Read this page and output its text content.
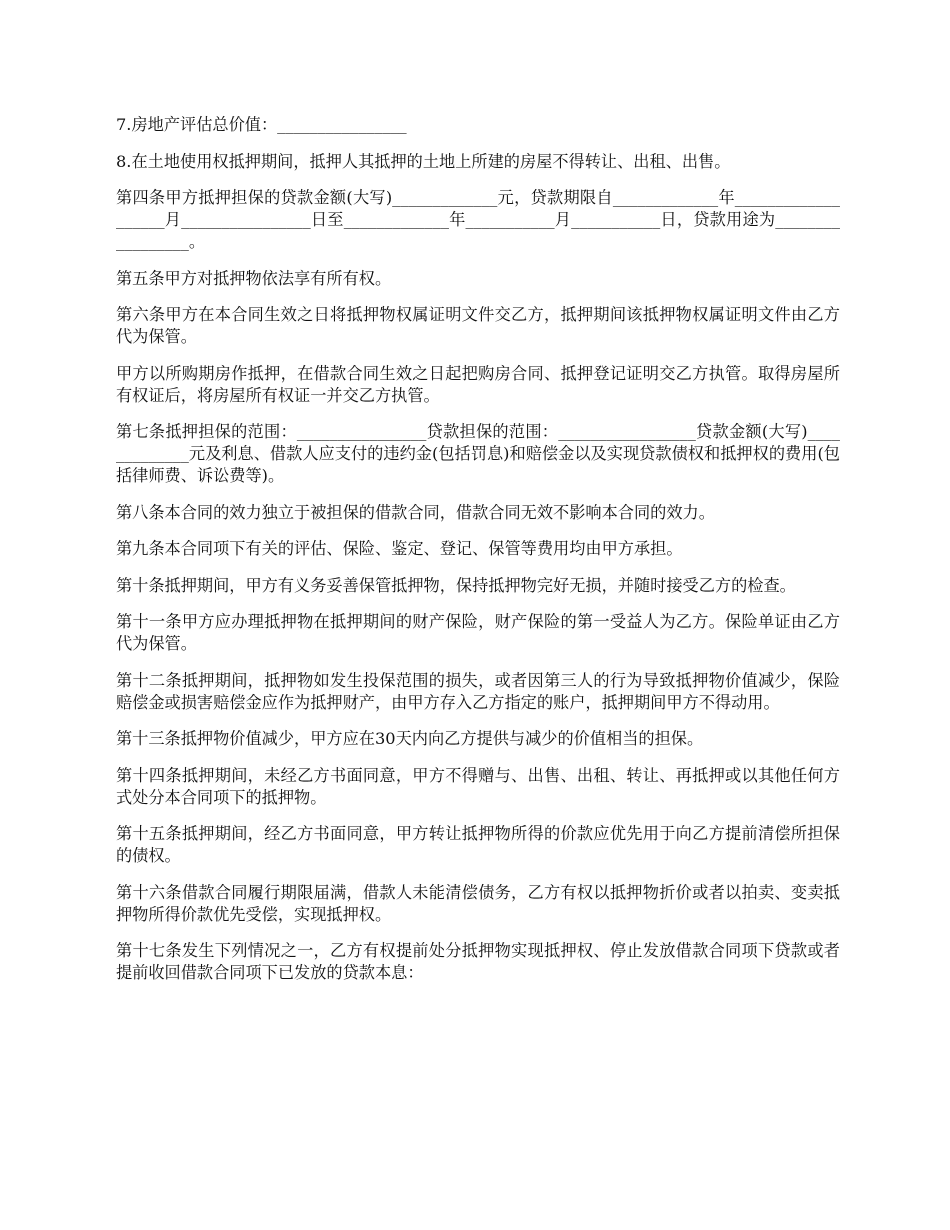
7.房地产评估总价值：________________

8.在土地使用权抵押期间，抵押人其抵押的土地上所建的房屋不得转让、出租、出售。

第四条甲方抵押担保的贷款金额(大写)_____________元，贷款期限自_____________年___________________月________________日至_____________年___________月___________日，贷款用途为_________________。

第五条甲方对抵押物依法享有所有权。

第六条甲方在本合同生效之日将抵押物权属证明文件交乙方，抵押期间该抵押物权属证明文件由乙方代为保管。

甲方以所购期房作抵押，在借款合同生效之日起把购房合同、抵押登记证明交乙方执管。取得房屋所有权证后，将房屋所有权证一并交乙方执管。

第七条抵押担保的范围：________________贷款担保的范围：_________________贷款金额(大写)_____________元及利息、借款人应支付的违约金(包括罚息)和赔偿金以及实现贷款债权和抵押权的费用(包括律师费、诉讼费等)。

第八条本合同的效力独立于被担保的借款合同，借款合同无效不影响本合同的效力。

第九条本合同项下有关的评估、保险、鉴定、登记、保管等费用均由甲方承担。

第十条抵押期间，甲方有义务妥善保管抵押物，保持抵押物完好无损，并随时接受乙方的检查。

第十一条甲方应办理抵押物在抵押期间的财产保险，财产保险的第一受益人为乙方。保险单证由乙方代为保管。

第十二条抵押期间，抵押物如发生投保范围的损失，或者因第三人的行为导致抵押物价值减少，保险赔偿金或损害赔偿金应作为抵押财产，由甲方存入乙方指定的账户，抵押期间甲方不得动用。

第十三条抵押物价值减少，甲方应在30天内向乙方提供与减少的价值相当的担保。

第十四条抵押期间，未经乙方书面同意，甲方不得赠与、出售、出租、转让、再抵押或以其他任何方式处分本合同项下的抵押物。

第十五条抵押期间，经乙方书面同意，甲方转让抵押物所得的价款应优先用于向乙方提前清偿所担保的债权。

第十六条借款合同履行期限届满，借款人未能清偿债务，乙方有权以抵押物折价或者以拍卖、变卖抵押物所得价款优先受偿，实现抵押权。

第十七条发生下列情况之一，乙方有权提前处分抵押物实现抵押权、停止发放借款合同项下贷款或者提前收回借款合同项下已发放的贷款本息：
